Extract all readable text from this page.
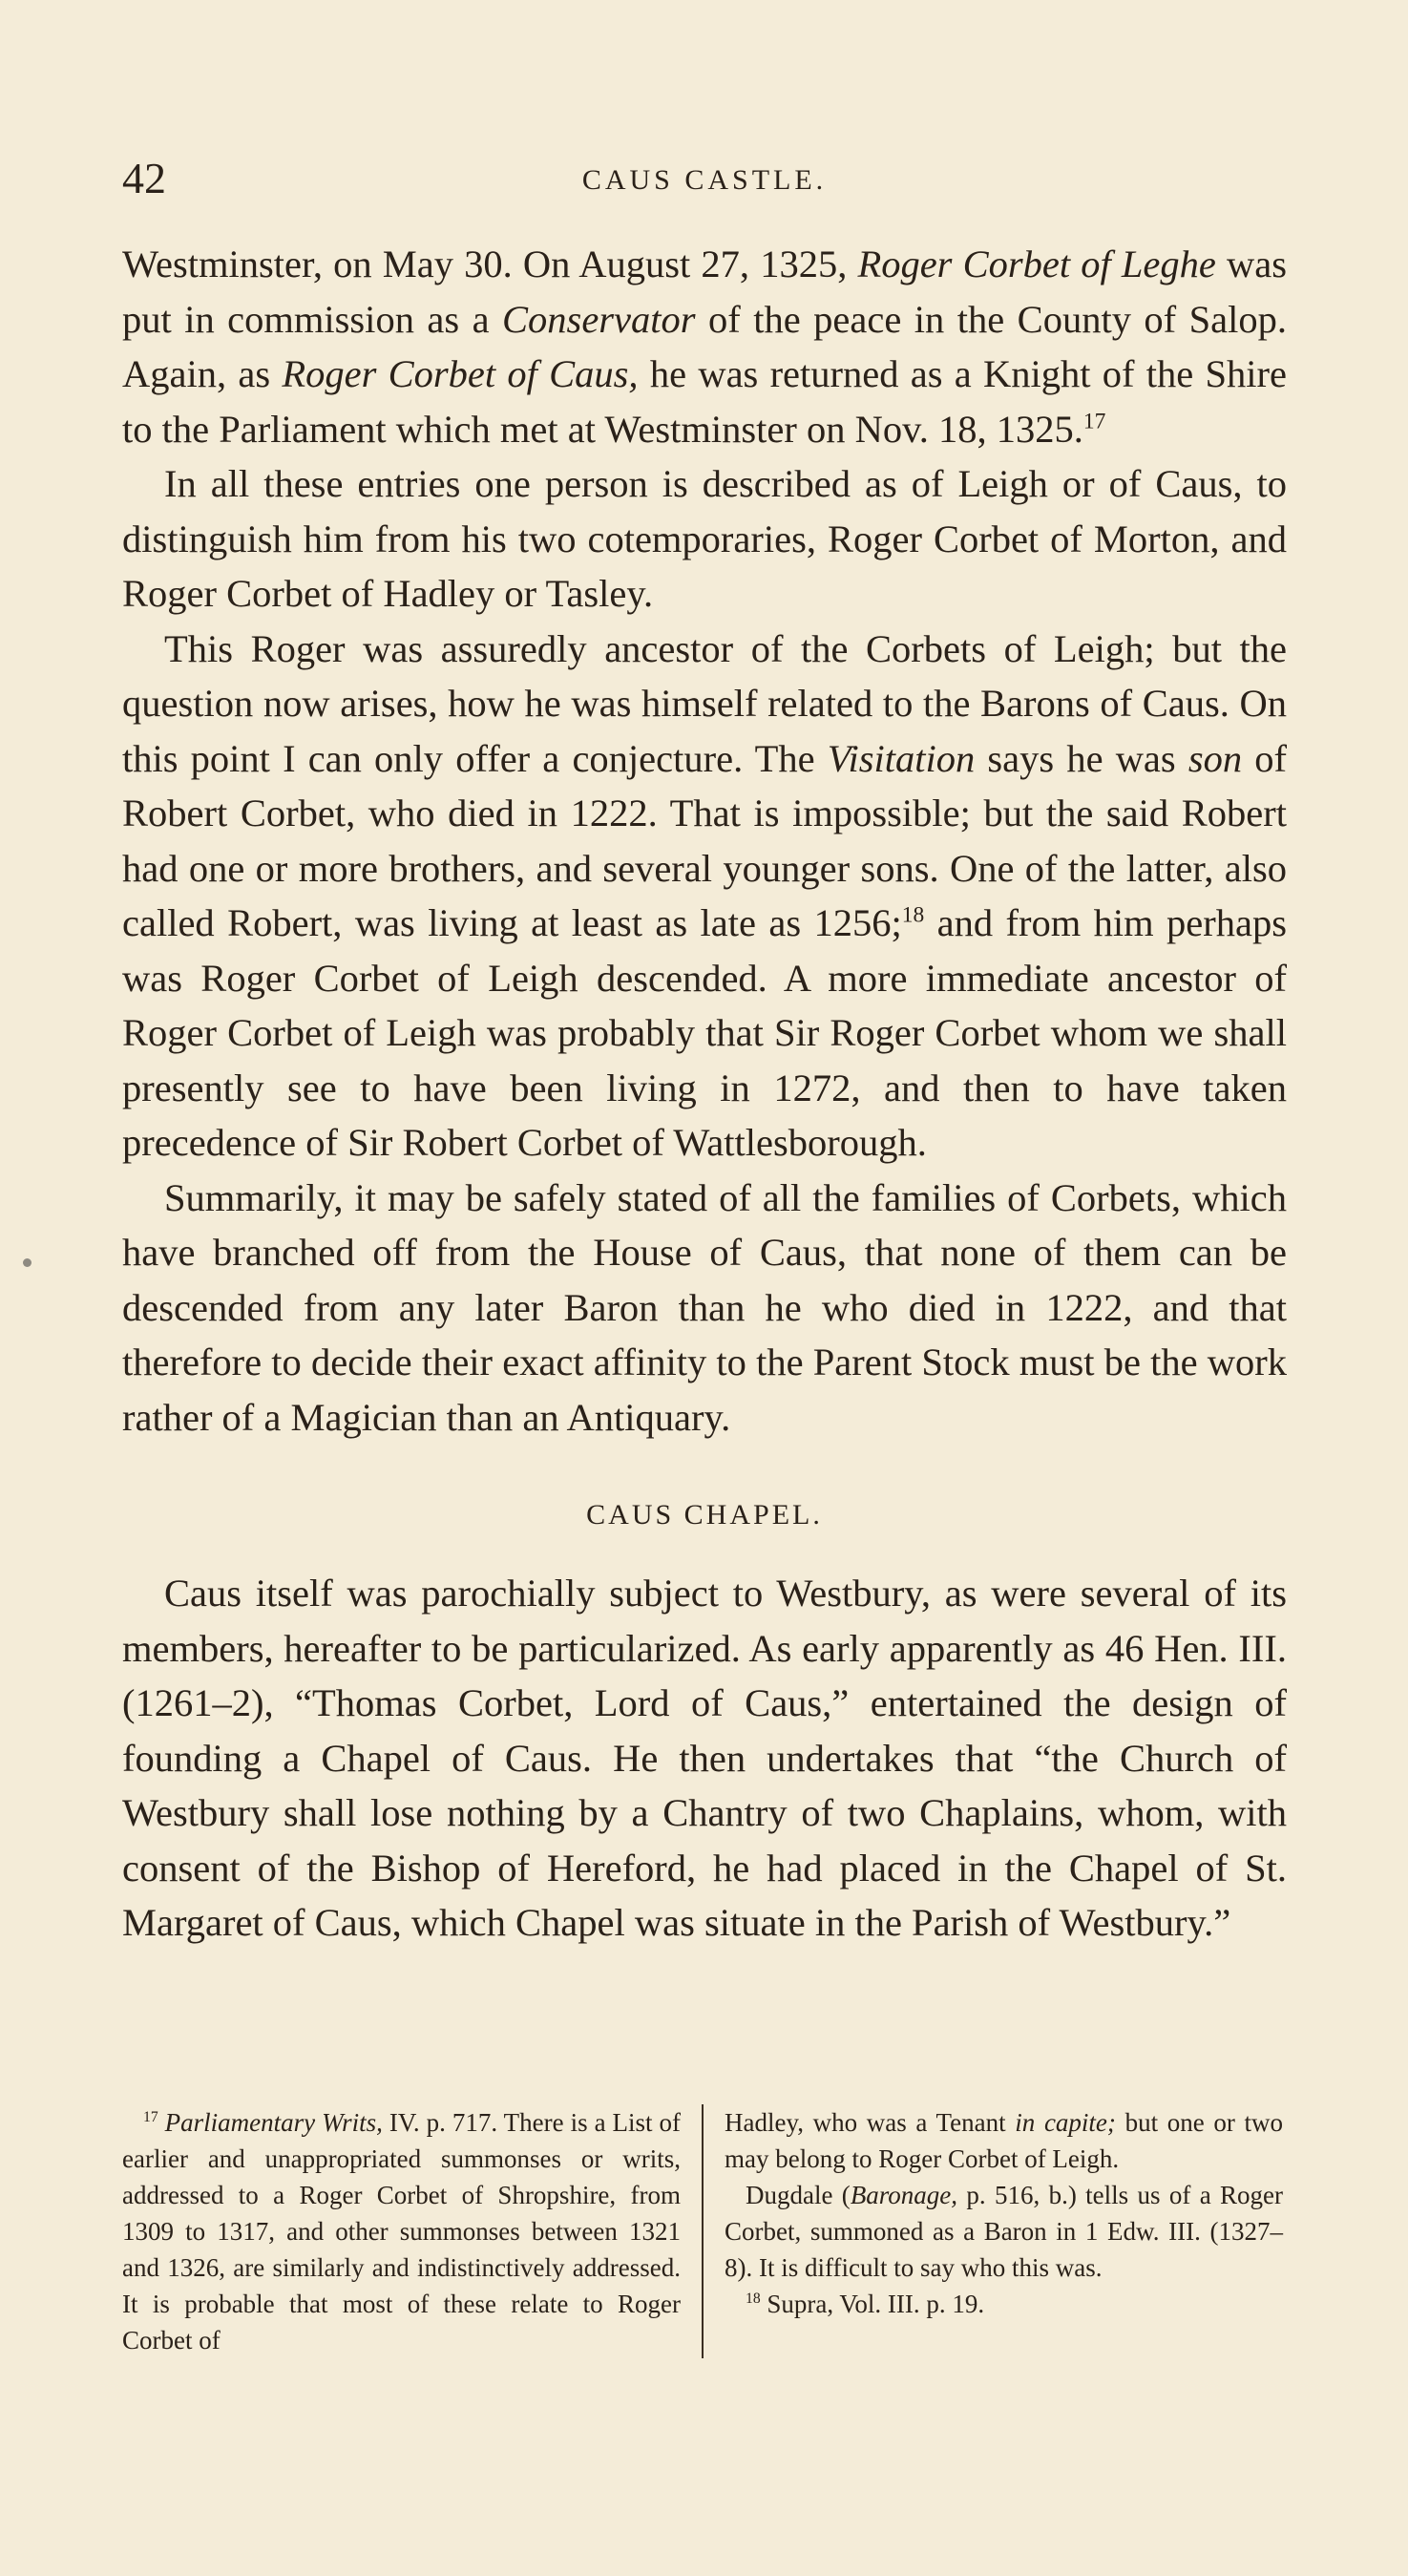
42	CAUS CASTLE.

Westminster, on May 30. On August 27, 1325, Roger Corbet of Leghe was put in commission as a Conservator of the peace in the County of Salop. Again, as Roger Corbet of Caus, he was returned as a Knight of the Shire to the Parliament which met at Westminster on Nov. 18, 1325.17

In all these entries one person is described as of Leigh or of Caus, to distinguish him from his two cotemporaries, Roger Corbet of Morton, and Roger Corbet of Hadley or Tasley.

This Roger was assuredly ancestor of the Corbets of Leigh; but the question now arises, how he was himself related to the Barons of Caus. On this point I can only offer a conjecture. The Visitation says he was son of Robert Corbet, who died in 1222. That is impossible; but the said Robert had one or more brothers, and several younger sons. One of the latter, also called Robert, was living at least as late as 1256;$^{18}$ and from him perhaps was Roger Corbet of Leigh descended. A more immediate ancestor of Roger Corbet of Leigh was probably that Sir Roger Corbet whom we shall presently see to have been living in 1272, and then to have taken precedence of Sir Robert Corbet of Wattlesborough.

Summarily, it may be safely stated of all the families of Corbets, which have branched off from the House of Caus, that none of them can be descended from any later Baron than he who died in 1222, and that therefore to decide their exact affinity to the Parent Stock must be the work rather of a Magician than an Antiquary.

CAUS CHAPEL.

Caus itself was parochially subject to Westbury, as were several of its members, hereafter to be particularized. As early apparently as 46 Hen. III. (1261–2), “Thomas Corbet, Lord of Caus,” entertained the design of founding a Chapel of Caus. He then undertakes that “the Church of Westbury shall lose nothing by a Chantry of two Chaplains, whom, with consent of the Bishop of Hereford, he had placed in the Chapel of St. Margaret of Caus, which Chapel was situate in the Parish of Westbury.”

$^{17}$ Parliamentary Writs, IV. p. 717. There is a List of earlier and unappropriated summonses or writs, addressed to a Roger Corbet of Shropshire, from 1309 to 1317, and other summonses between 1321 and 1326, are similarly and indistinctively addressed. It is probable that most of these relate to Roger Corbet of

Hadley, who was a Tenant in capite; but one or two may belong to Roger Corbet of Leigh.

Dugdale (Baronage, p. 516, b.) tells us of a Roger Corbet, summoned as a Baron in 1 Edw. III. (1327–8). It is difficult to say who this was.

$^{18}$ Supra, Vol. III. p. 19.
